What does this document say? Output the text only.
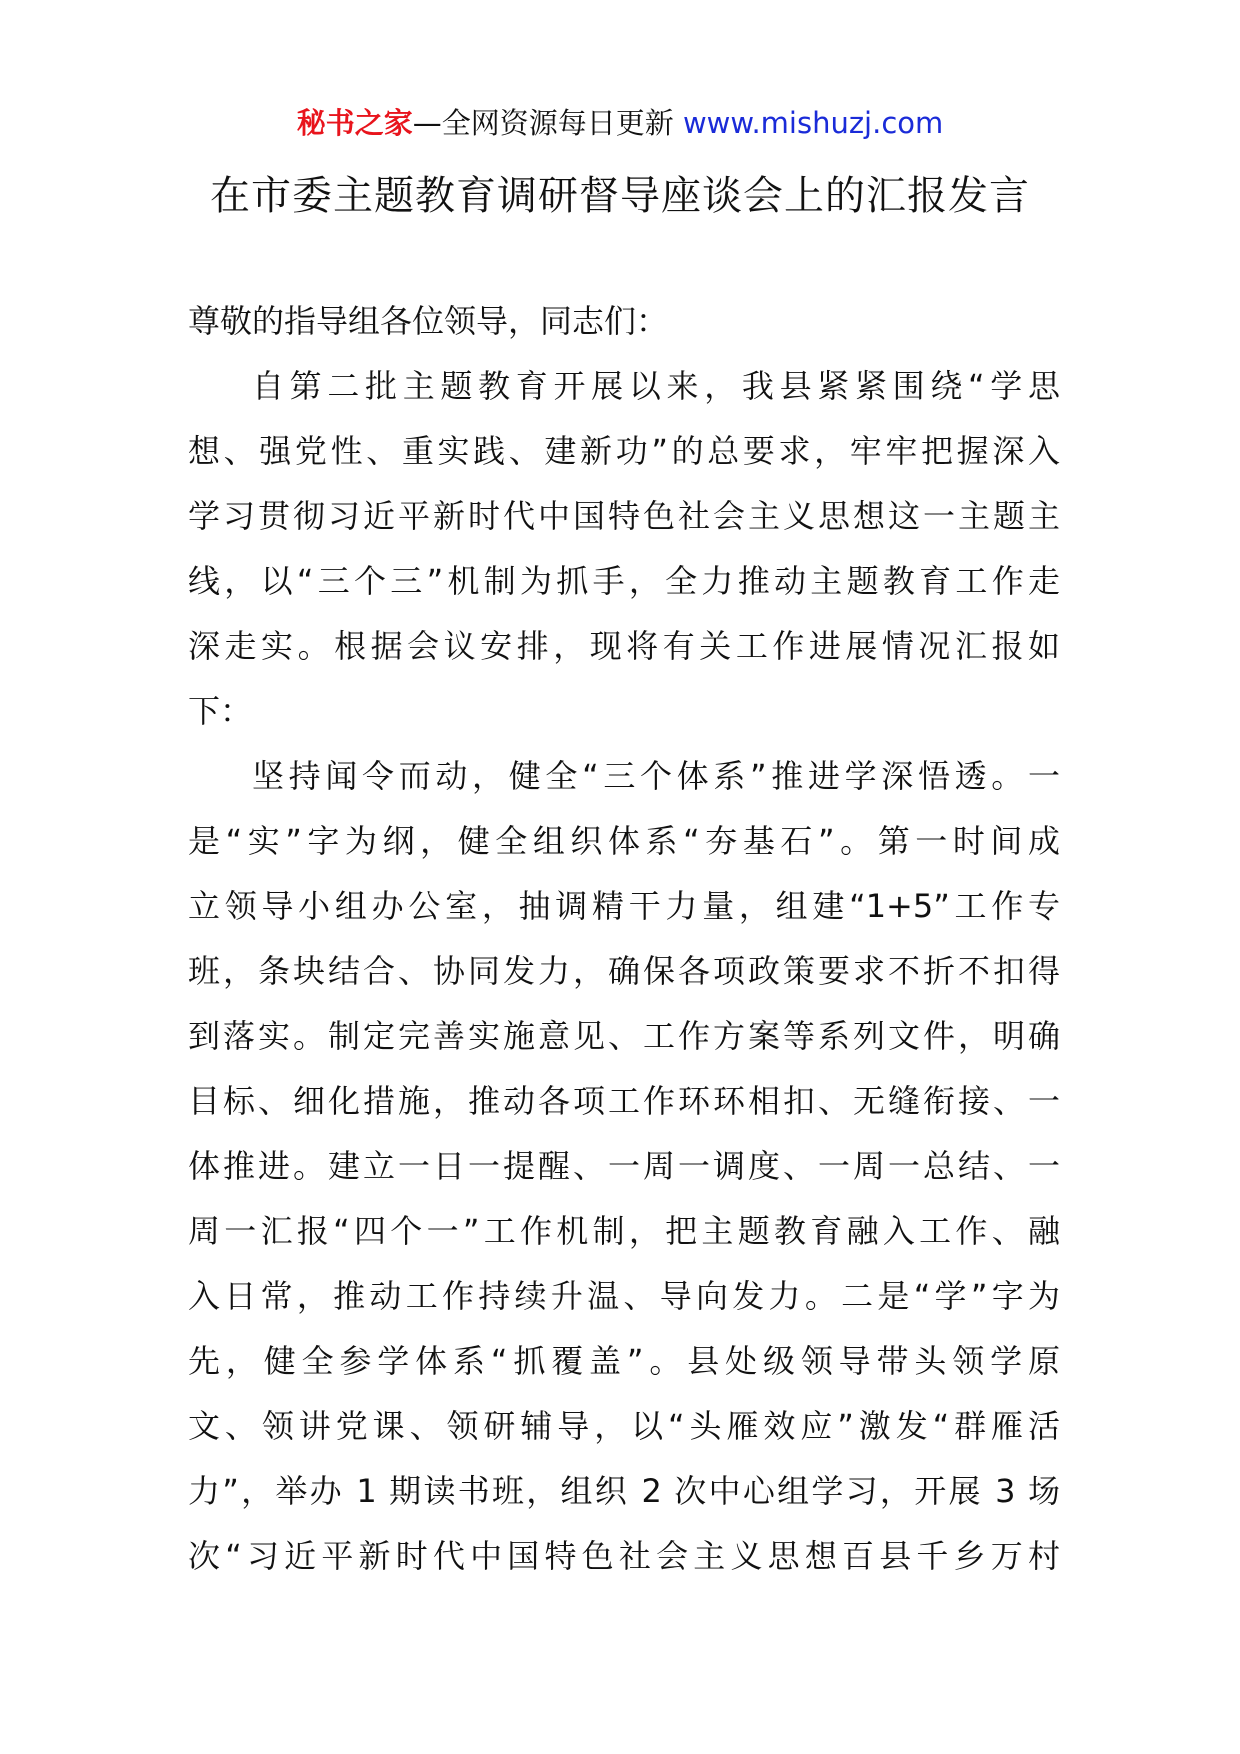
秘书之家—全网资源每日更新 www.mishuzj.com
在市委主题教育调研督导座谈会上的汇报发言
尊敬的指导组各位领导，同志们：
自第二批主题教育开展以来，我县紧紧围绕“学思
想、强党性、重实践、建新功”的总要求，牢牢把握深入
学习贯彻习近平新时代中国特色社会主义思想这一主题主
线，以“三个三”机制为抓手，全力推动主题教育工作走
深走实。根据会议安排，现将有关工作进展情况汇报如
下：
坚持闻令而动，健全“三个体系”推进学深悟透。一
是“实”字为纲，健全组织体系“夯基石”。第一时间成
立领导小组办公室，抽调精干力量，组建“1+5”工作专
班，条块结合、协同发力，确保各项政策要求不折不扣得
到落实。制定完善实施意见、工作方案等系列文件，明确
目标、细化措施，推动各项工作环环相扣、无缝衔接、一
体推进。建立一日一提醒、一周一调度、一周一总结、一
周一汇报“四个一”工作机制，把主题教育融入工作、融
入日常，推动工作持续升温、导向发力。二是“学”字为
先，健全参学体系“抓覆盖”。县处级领导带头领学原
文、领讲党课、领研辅导，以“头雁效应”激发“群雁活
力”，举办 1 期读书班，组织 2 次中心组学习，开展 3 场
次“习近平新时代中国特色社会主义思想百县千乡万村
